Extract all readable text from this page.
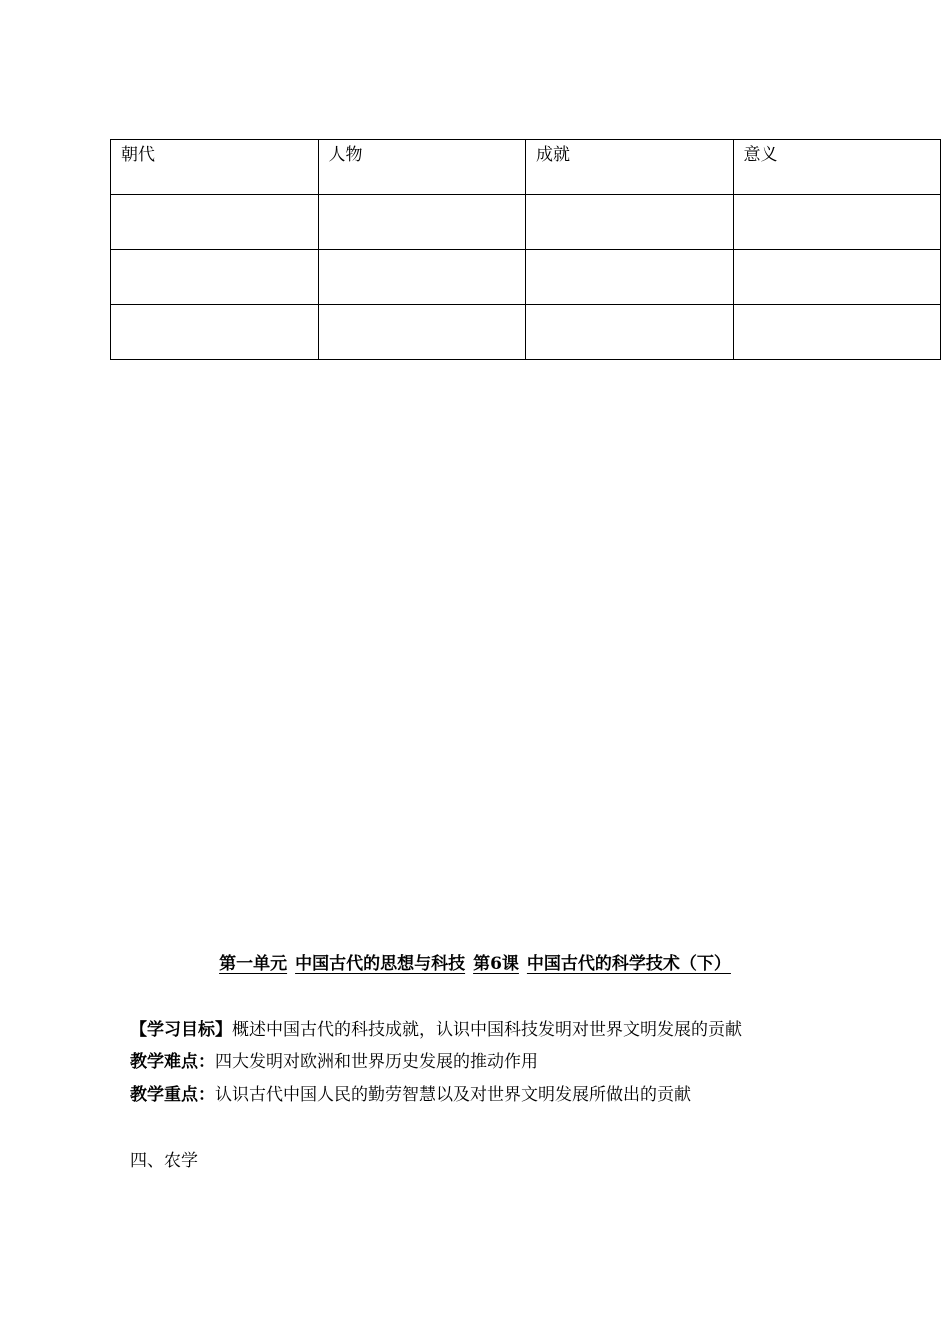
朝代	人物	成就	意义

第一单元 中国古代的思想与科技 第6课 中国古代的科学技术（下）
【学习目标】概述中国古代的科技成就，认识中国科技发明对世界文明发展的贡献
教学难点：四大发明对欧洲和世界历史发展的推动作用
教学重点：认识古代中国人民的勤劳智慧以及对世界文明发展所做出的贡献
四、农学
